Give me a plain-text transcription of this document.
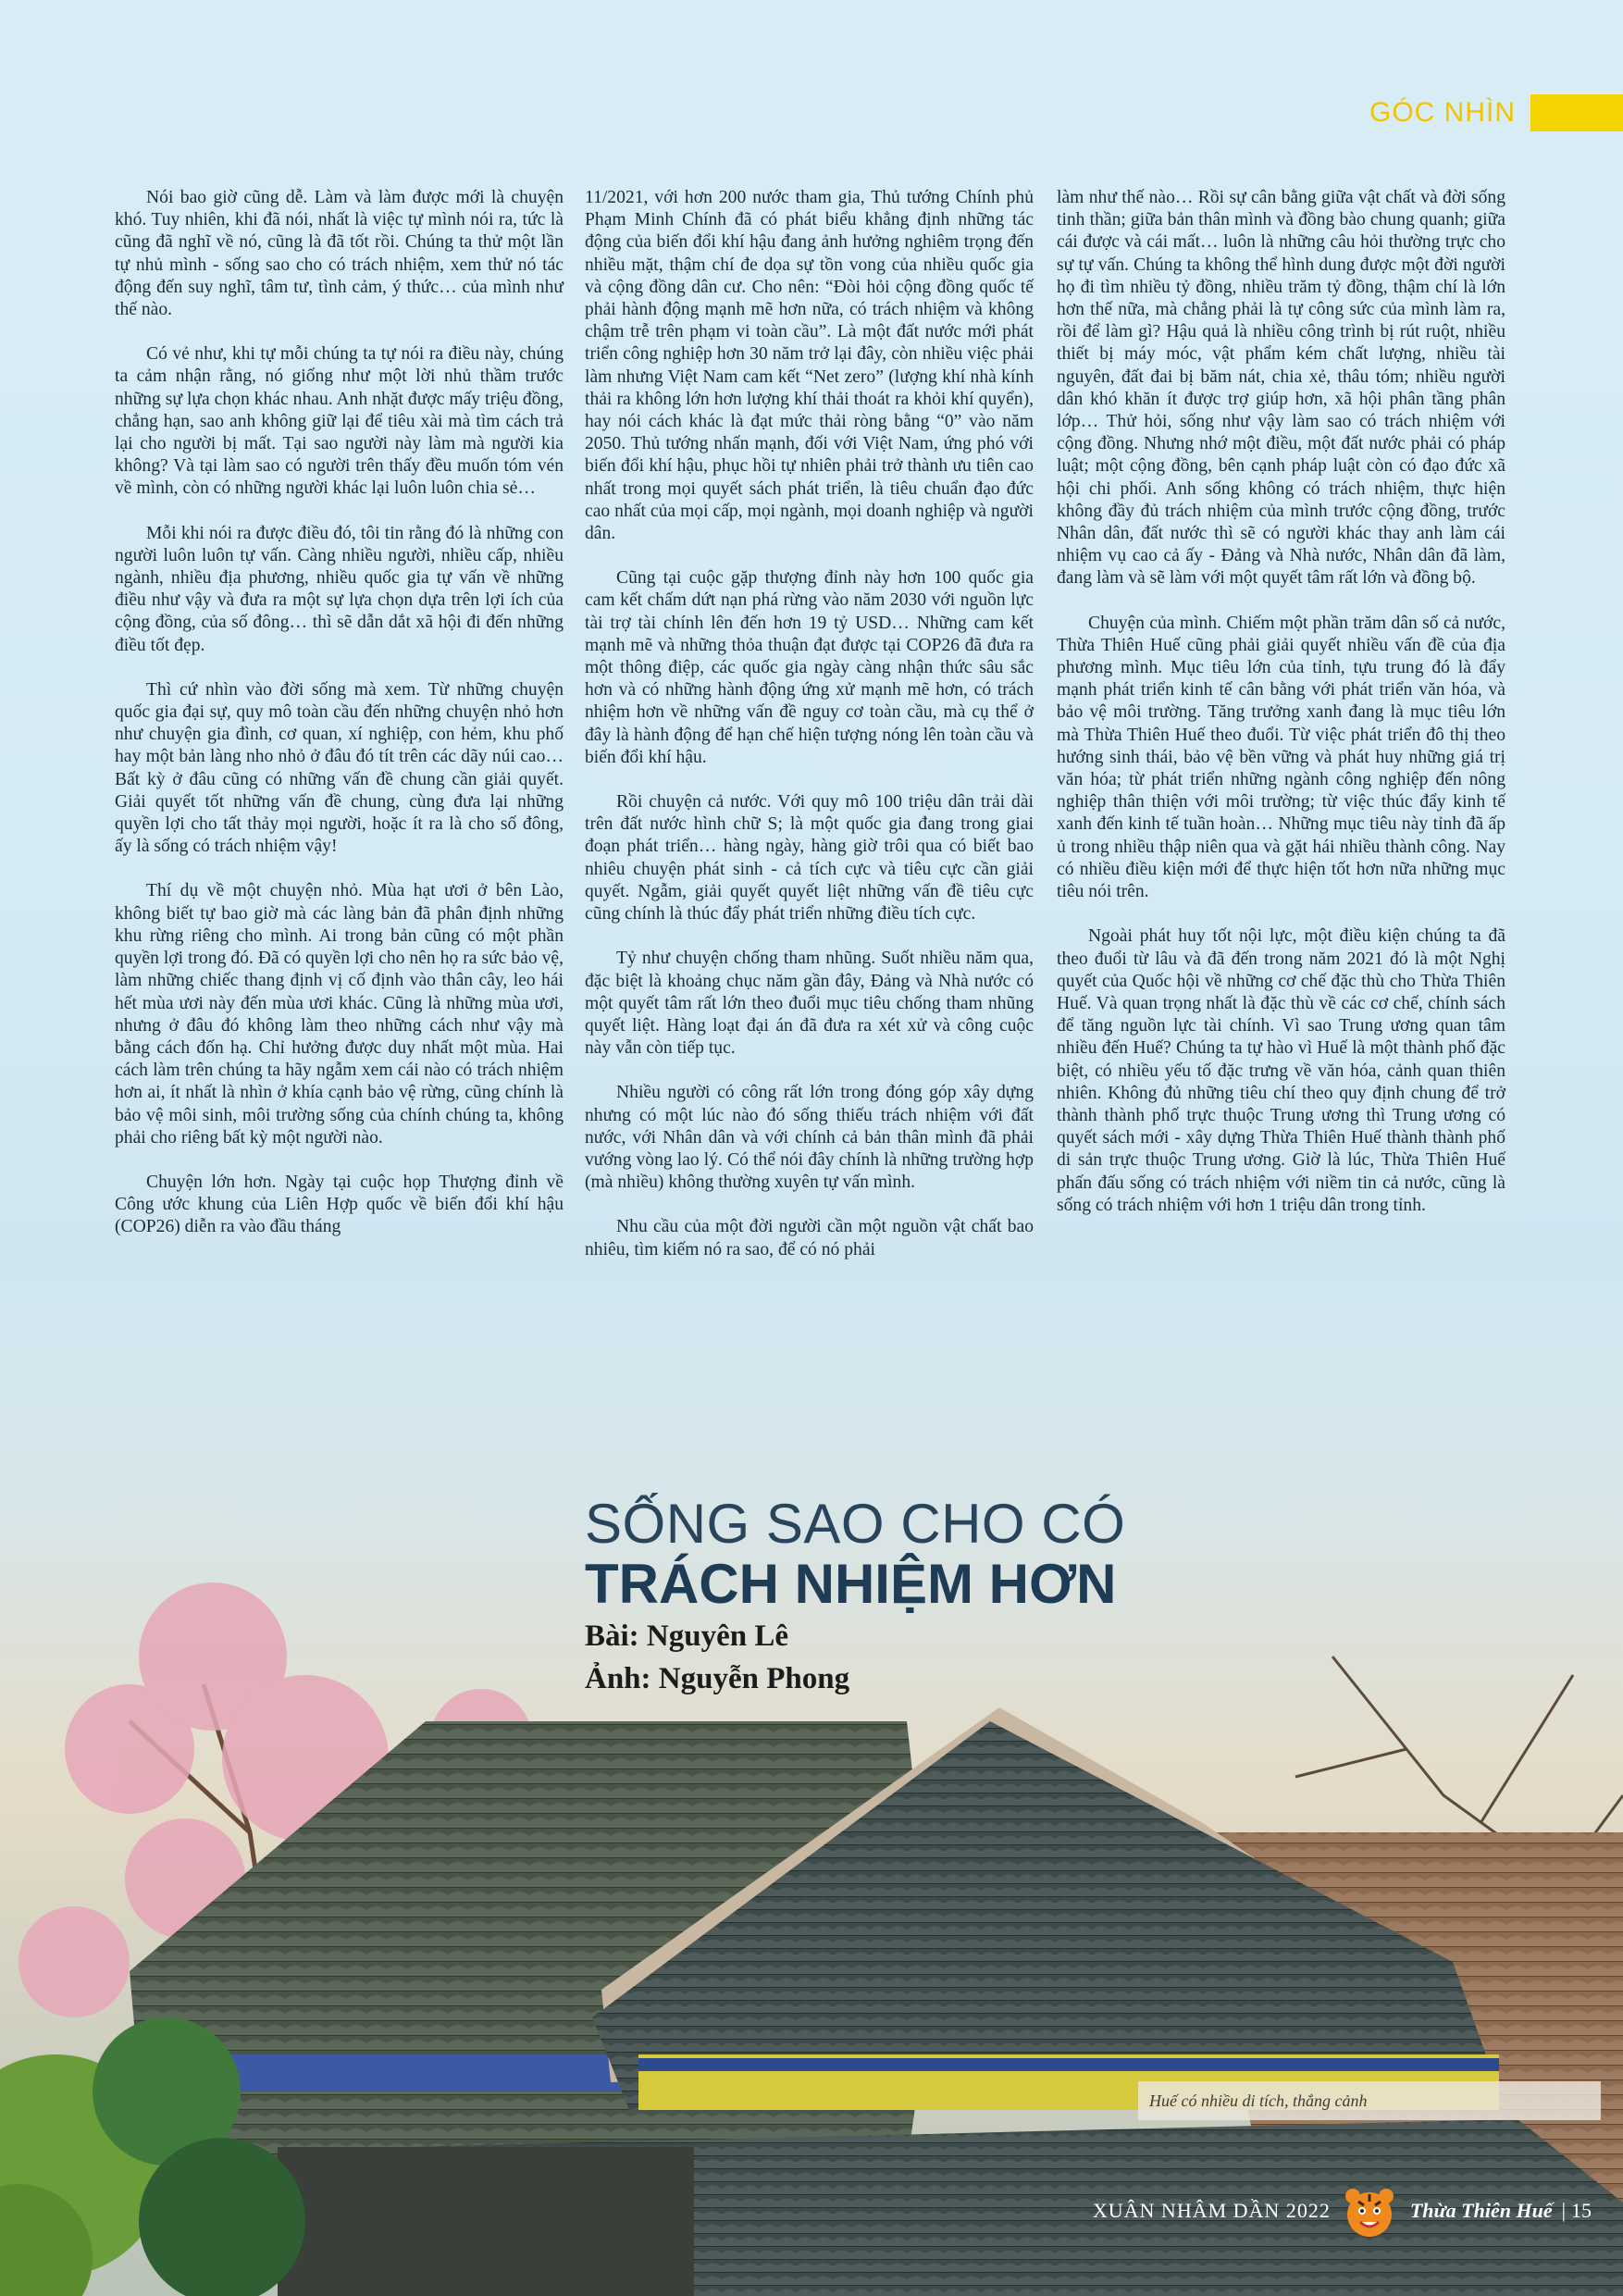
GÓC NHÌN

Nói bao giờ cũng dễ. Làm và làm được mới là chuyện khó. Tuy nhiên, khi đã nói, nhất là việc tự mình nói ra, tức là cũng đã nghĩ về nó, cũng là đã tốt rồi. Chúng ta thử một lần tự nhủ mình - sống sao cho có trách nhiệm, xem thử nó tác động đến suy nghĩ, tâm tư, tình cảm, ý thức… của mình như thế nào.

Có vẻ như, khi tự mỗi chúng ta tự nói ra điều này, chúng ta cảm nhận rằng, nó giống như một lời nhủ thầm trước những sự lựa chọn khác nhau. Anh nhặt được mấy triệu đồng, chẳng hạn, sao anh không giữ lại để tiêu xài mà tìm cách trả lại cho người bị mất. Tại sao người này làm mà người kia không? Và tại làm sao có người trên thấy đều muốn tóm vén về mình, còn có những người khác lại luôn luôn chia sẻ…

Mỗi khi nói ra được điều đó, tôi tin rằng đó là những con người luôn luôn tự vấn. Càng nhiều người, nhiều cấp, nhiều ngành, nhiều địa phương, nhiều quốc gia tự vấn về những điều như vậy và đưa ra một sự lựa chọn dựa trên lợi ích của cộng đồng, của số đông… thì sẽ dẫn dắt xã hội đi đến những điều tốt đẹp.

Thì cứ nhìn vào đời sống mà xem. Từ những chuyện quốc gia đại sự, quy mô toàn cầu đến những chuyện nhỏ hơn như chuyện gia đình, cơ quan, xí nghiệp, con hẻm, khu phố hay một bản làng nho nhỏ ở đâu đó tít trên các dãy núi cao… Bất kỳ ở đâu cũng có những vấn đề chung cần giải quyết. Giải quyết tốt những vấn đề chung, cùng đưa lại những quyền lợi cho tất thảy mọi người, hoặc ít ra là cho số đông, ấy là sống có trách nhiệm vậy!

Thí dụ về một chuyện nhỏ. Mùa hạt ươi ở bên Lào, không biết tự bao giờ mà các làng bản đã phân định những khu rừng riêng cho mình. Ai trong bản cũng có một phần quyền lợi trong đó. Đã có quyền lợi cho nên họ ra sức bảo vệ, làm những chiếc thang định vị cố định vào thân cây, leo hái hết mùa ươi này đến mùa ươi khác. Cũng là những mùa ươi, nhưng ở đâu đó không làm theo những cách như vậy mà bằng cách đốn hạ. Chỉ hưởng được duy nhất một mùa. Hai cách làm trên chúng ta hãy ngẫm xem cái nào có trách nhiệm hơn ai, ít nhất là nhìn ở khía cạnh bảo vệ rừng, cũng chính là bảo vệ môi sinh, môi trường sống của chính chúng ta, không phải cho riêng bất kỳ một người nào.

Chuyện lớn hơn. Ngày tại cuộc họp Thượng đỉnh về Công ước khung của Liên Hợp quốc về biến đổi khí hậu (COP26) diễn ra vào đầu tháng

11/2021, với hơn 200 nước tham gia, Thủ tướng Chính phủ Phạm Minh Chính đã có phát biểu khẳng định những tác động của biến đổi khí hậu đang ảnh hưởng nghiêm trọng đến nhiều mặt, thậm chí đe dọa sự tồn vong của nhiều quốc gia và cộng đồng dân cư. Cho nên: “Đòi hỏi cộng đồng quốc tế phải hành động mạnh mẽ hơn nữa, có trách nhiệm và không chậm trễ trên phạm vi toàn cầu”. Là một đất nước mới phát triển công nghiệp hơn 30 năm trở lại đây, còn nhiều việc phải làm nhưng Việt Nam cam kết “Net zero” (lượng khí nhà kính thải ra không lớn hơn lượng khí thải thoát ra khỏi khí quyển), hay nói cách khác là đạt mức thải ròng bằng “0” vào năm 2050. Thủ tướng nhấn mạnh, đối với Việt Nam, ứng phó với biến đổi khí hậu, phục hồi tự nhiên phải trở thành ưu tiên cao nhất trong mọi quyết sách phát triển, là tiêu chuẩn đạo đức cao nhất của mọi cấp, mọi ngành, mọi doanh nghiệp và người dân.

Cũng tại cuộc gặp thượng đỉnh này hơn 100 quốc gia cam kết chấm dứt nạn phá rừng vào năm 2030 với nguồn lực tài trợ tài chính lên đến hơn 19 tỷ USD… Những cam kết mạnh mẽ và những thỏa thuận đạt được tại COP26 đã đưa ra một thông điệp, các quốc gia ngày càng nhận thức sâu sắc hơn và có những hành động ứng xử mạnh mẽ hơn, có trách nhiệm hơn về những vấn đề nguy cơ toàn cầu, mà cụ thể ở đây là hành động để hạn chế hiện tượng nóng lên toàn cầu và biến đổi khí hậu.

Rồi chuyện cả nước. Với quy mô 100 triệu dân trải dài trên đất nước hình chữ S; là một quốc gia đang trong giai đoạn phát triển… hàng ngày, hàng giờ trôi qua có biết bao nhiêu chuyện phát sinh - cả tích cực và tiêu cực cần giải quyết. Ngẫm, giải quyết quyết liệt những vấn đề tiêu cực cũng chính là thúc đẩy phát triển những điều tích cực.

Tỷ như chuyện chống tham nhũng. Suốt nhiều năm qua, đặc biệt là khoảng chục năm gần đây, Đảng và Nhà nước có một quyết tâm rất lớn theo đuổi mục tiêu chống tham nhũng quyết liệt. Hàng loạt đại án đã đưa ra xét xử và công cuộc này vẫn còn tiếp tục.

Nhiều người có công rất lớn trong đóng góp xây dựng nhưng có một lúc nào đó sống thiếu trách nhiệm với đất nước, với Nhân dân và với chính cả bản thân mình đã phải vướng vòng lao lý. Có thể nói đây chính là những trường hợp (mà nhiều) không thường xuyên tự vấn mình.

Nhu cầu của một đời người cần một nguồn vật chất bao nhiêu, tìm kiếm nó ra sao, để có nó phải

làm như thế nào… Rồi sự cân bằng giữa vật chất và đời sống tinh thần; giữa bản thân mình và đồng bào chung quanh; giữa cái được và cái mất… luôn là những câu hỏi thường trực cho sự tự vấn. Chúng ta không thể hình dung được một đời người họ đi tìm nhiều tỷ đồng, nhiều trăm tỷ đồng, thậm chí là lớn hơn thế nữa, mà chẳng phải là tự công sức của mình làm ra, rồi để làm gì? Hậu quả là nhiều công trình bị rút ruột, nhiều thiết bị máy móc, vật phẩm kém chất lượng, nhiều tài nguyên, đất đai bị băm nát, chia xẻ, thâu tóm; nhiều người dân khó khăn ít được trợ giúp hơn, xã hội phân tầng phân lớp… Thử hỏi, sống như vậy làm sao có trách nhiệm với cộng đồng. Nhưng nhớ một điều, một đất nước phải có pháp luật; một cộng đồng, bên cạnh pháp luật còn có đạo đức xã hội chi phối. Anh sống không có trách nhiệm, thực hiện không đầy đủ trách nhiệm của mình trước cộng đồng, trước Nhân dân, đất nước thì sẽ có người khác thay anh làm cái nhiệm vụ cao cả ấy - Đảng và Nhà nước, Nhân dân đã làm, đang làm và sẽ làm với một quyết tâm rất lớn và đồng bộ.

Chuyện của mình. Chiếm một phần trăm dân số cả nước, Thừa Thiên Huế cũng phải giải quyết nhiều vấn đề của địa phương mình. Mục tiêu lớn của tỉnh, tựu trung đó là đẩy mạnh phát triển kinh tế cân bằng với phát triển văn hóa, và bảo vệ môi trường. Tăng trưởng xanh đang là mục tiêu lớn mà Thừa Thiên Huế theo đuổi. Từ việc phát triển đô thị theo hướng sinh thái, bảo vệ bền vững và phát huy những giá trị văn hóa; từ phát triển những ngành công nghiệp đến nông nghiệp thân thiện với môi trường; từ việc thúc đẩy kinh tế xanh đến kinh tế tuần hoàn… Những mục tiêu này tỉnh đã ấp ủ trong nhiều thập niên qua và gặt hái nhiều thành công. Nay có nhiều điều kiện mới để thực hiện tốt hơn nữa những mục tiêu nói trên.

Ngoài phát huy tốt nội lực, một điều kiện chúng ta đã theo đuổi từ lâu và đã đến trong năm 2021 đó là một Nghị quyết của Quốc hội về những cơ chế đặc thù cho Thừa Thiên Huế. Và quan trọng nhất là đặc thù về các cơ chế, chính sách để tăng nguồn lực tài chính. Vì sao Trung ương quan tâm nhiều đến Huế? Chúng ta tự hào vì Huế là một thành phố đặc biệt, có nhiều yếu tố đặc trưng về văn hóa, cảnh quan thiên nhiên. Không đủ những tiêu chí theo quy định chung để trở thành thành phố trực thuộc Trung ương thì Trung ương có quyết sách mới - xây dựng Thừa Thiên Huế thành thành phố di sản trực thuộc Trung ương. Giờ là lúc, Thừa Thiên Huế phấn đấu sống có trách nhiệm với niềm tin cả nước, cũng là sống có trách nhiệm với hơn 1 triệu dân trong tỉnh.

SỐNG SAO CHO CÓ
TRÁCH NHIỆM HƠN
Bài: Nguyên Lê
Ảnh: Nguyễn Phong
Huế có nhiều di tích, thắng cảnh
XUÂN NHÂM DẦN 2022	Thừa Thiên Huế | 15
